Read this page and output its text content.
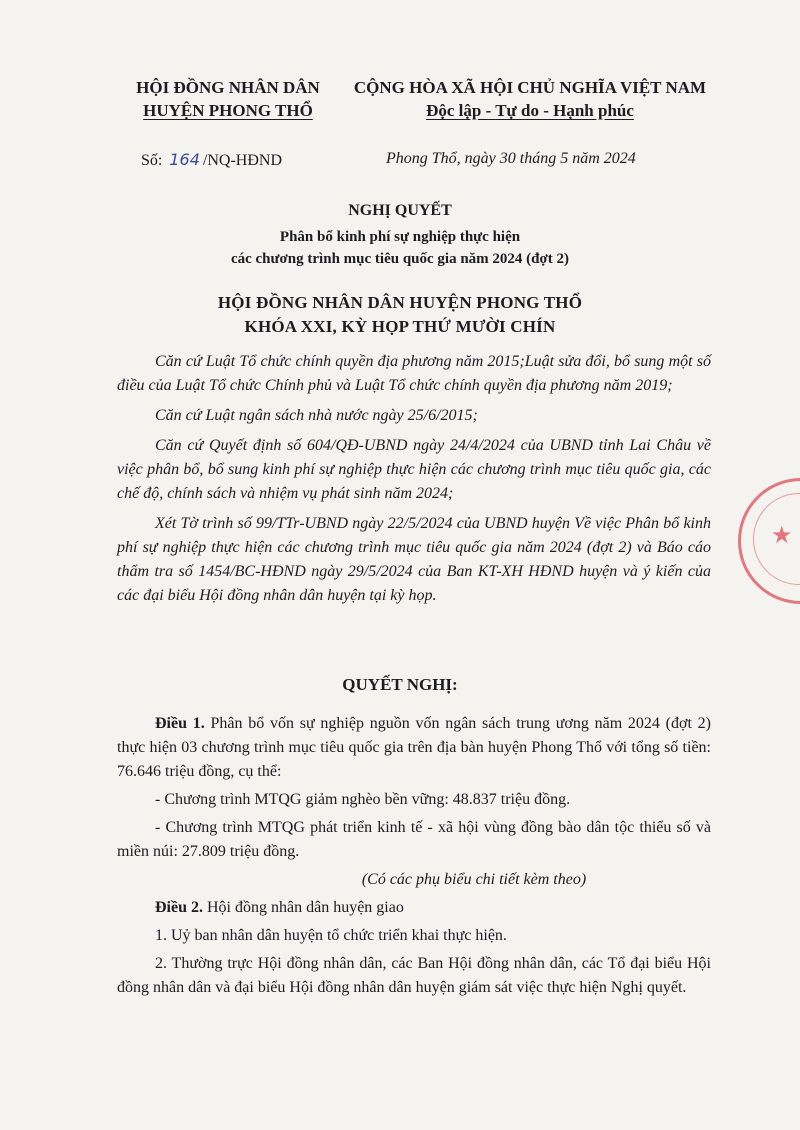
HỘI ĐỒNG NHÂN DÂN
HUYỆN PHONG THỔ
CỘNG HÒA XÃ HỘI CHỦ NGHĨA VIỆT NAM
Độc lập - Tự do - Hạnh phúc
Số: 164 /NQ-HĐND	Phong Thổ, ngày 30 tháng 5 năm 2024
NGHỊ QUYẾT
Phân bổ kinh phí sự nghiệp thực hiện
các chương trình mục tiêu quốc gia năm 2024 (đợt 2)
HỘI ĐỒNG NHÂN DÂN HUYỆN PHONG THỔ
KHÓA XXI, KỲ HỌP THỨ MƯỜI CHÍN

Căn cứ Luật Tổ chức chính quyền địa phương năm 2015;Luật sửa đổi, bổ sung một số điều của Luật Tổ chức Chính phủ và Luật Tổ chức chính quyền địa phương năm 2019;

Căn cứ Luật ngân sách nhà nước ngày 25/6/2015;

Căn cứ Quyết định số 604/QĐ-UBND ngày 24/4/2024 của UBND tỉnh Lai Châu về việc phân bổ, bổ sung kinh phí sự nghiệp thực hiện các chương trình mục tiêu quốc gia, các chế độ, chính sách và nhiệm vụ phát sinh năm 2024;

Xét Tờ trình số 99/TTr-UBND ngày 22/5/2024 của UBND huyện Về việc Phân bổ kinh phí sự nghiệp thực hiện các chương trình mục tiêu quốc gia năm 2024 (đợt 2) và Báo cáo thẩm tra số 1454/BC-HĐND ngày 29/5/2024 của Ban KT-XH HĐND huyện và ý kiến của các đại biểu Hội đồng nhân dân huyện tại kỳ họp.

QUYẾT NGHỊ:

Điều 1. Phân bổ vốn sự nghiệp nguồn vốn ngân sách trung ương năm 2024 (đợt 2) thực hiện 03 chương trình mục tiêu quốc gia trên địa bàn huyện Phong Thổ với tổng số tiền: 76.646 triệu đồng, cụ thể:

- Chương trình MTQG giảm nghèo bền vững: 48.837 triệu đồng.

- Chương trình MTQG phát triển kinh tế - xã hội vùng đồng bào dân tộc thiểu số và miền núi: 27.809 triệu đồng.

(Có các phụ biểu chi tiết kèm theo)

Điều 2. Hội đồng nhân dân huyện giao

1. Uỷ ban nhân dân huyện tổ chức triển khai thực hiện.

2. Thường trực Hội đồng nhân dân, các Ban Hội đồng nhân dân, các Tổ đại biểu Hội đồng nhân dân và đại biểu Hội đồng nhân dân huyện giám sát việc thực hiện Nghị quyết.

★
